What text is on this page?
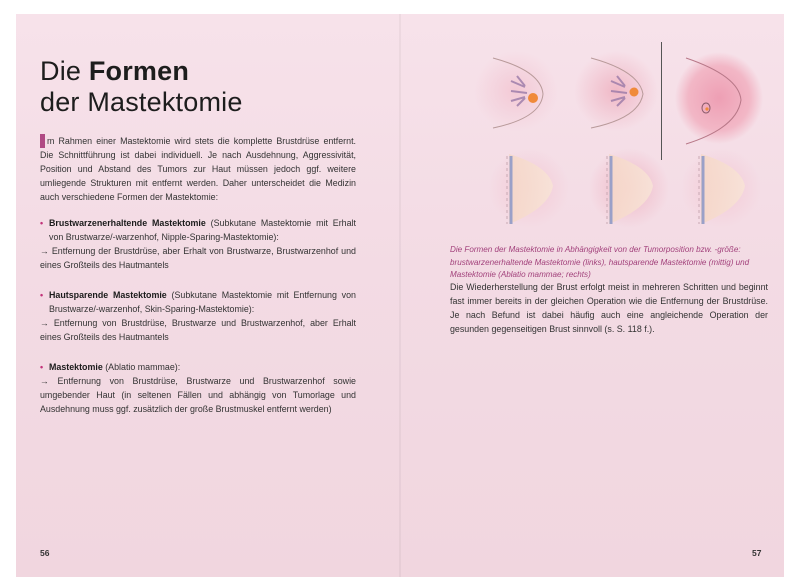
Die Formen
der Mastektomie

m Rahmen einer Mastektomie wird stets die komplette Brustdrüse entfernt. Die Schnittführung ist dabei individuell. Je nach Ausdehnung, Aggressivität, Position und Abstand des Tumors zur Haut müssen jedoch ggf. weitere umliegende Strukturen mit entfernt werden. Daher unterscheidet die Medizin auch verschiedene Formen der Mastektomie:

• Brustwarzenerhaltende Mastektomie (Subkutane Mastektomie mit Erhalt von Brustwarze/-warzenhof, Nipple-Sparing-Mastektomie):

→ Entfernung der Brustdrüse, aber Erhalt von Brustwarze, Brustwarzenhof und eines Großteils des Hautmantels

• Hautsparende Mastektomie (Subkutane Mastektomie mit Entfernung von Brustwarze/-warzenhof, Skin-Sparing-Mastektomie):

→ Entfernung von Brustdrüse, Brustwarze und Brustwarzenhof, aber Erhalt eines Großteils des Hautmantels

• Mastektomie (Ablatio mammae):

→ Entfernung von Brustdrüse, Brustwarze und Brustwarzenhof sowie umgebender Haut (in seltenen Fällen und abhängig von Tumorlage und Ausdehnung muss ggf. zusätzlich der große Brustmuskel entfernt werden)

56

Die Formen der Mastektomie in Abhängigkeit von der Tumorposition bzw. -größe: brustwarzenerhaltende Mastektomie (links), hautsparende Mastektomie (mittig) und Mastektomie (Ablatio mammae; rechts)

Die Wiederherstellung der Brust erfolgt meist in mehreren Schritten und beginnt fast immer bereits in der gleichen Operation wie die Entfernung der Brustdrüse. Je nach Befund ist dabei häufig auch eine angleichende Operation der gesunden gegenseitigen Brust sinnvoll (s. S. 118 f.).

57
